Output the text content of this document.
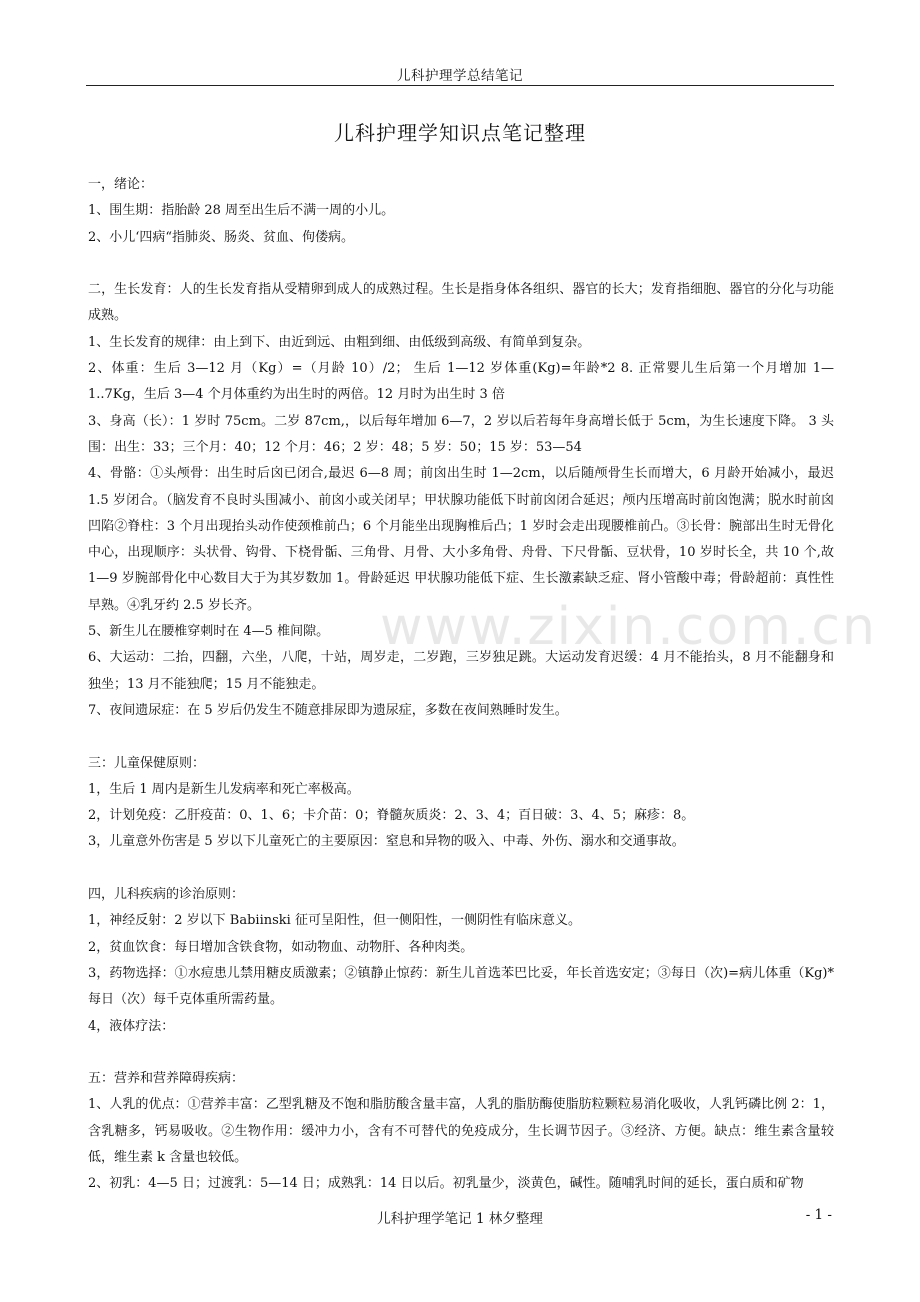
儿科护理学总结笔记
儿科护理学知识点笔记整理
www.zixin.com.cn

一，绪论：

1、围生期：指胎龄 28 周至出生后不满一周的小儿。

2、小儿‘四病“指肺炎、肠炎、贫血、佝偻病。

二，生长发育：人的生长发育指从受精卵到成人的成熟过程。生长是指身体各组织、器官的长大；发育指细胞、器官的分化与功能成熟。

1、生长发育的规律：由上到下、由近到远、由粗到细、由低级到高级、有简单到复杂。

2、体重：生后 3—12 月（Kg）=（月龄 10）/2； 生后 1—12 岁体重(Kg)=年龄*2 8. 正常婴儿生后第一个月增加 1—1..7Kg，生后 3—4 个月体重约为出生时的两倍。12 月时为出生时 3 倍

3、身高（长）：1 岁时 75cm。二岁 87cm,，以后每年增加 6—7，2 岁以后若每年身高增长低于 5cm，为生长速度下降。 3 头围：出生：33；三个月：40；12 个月：46；2 岁：48；5 岁：50；15 岁：53—54

4、骨骼：①头颅骨：出生时后囟已闭合,最迟 6—8 周；前囟出生时 1—2cm，以后随颅骨生长而增大，6 月龄开始减小，最迟 1.5 岁闭合。（脑发育不良时头围减小、前囟小或关闭早；甲状腺功能低下时前囟闭合延迟；颅内压增高时前囟饱满；脱水时前囟凹陷②脊柱：3 个月出现抬头动作使颈椎前凸；6 个月能坐出现胸椎后凸；1 岁时会走出现腰椎前凸。③长骨：腕部出生时无骨化中心，出现顺序：头状骨、钩骨、下桡骨骺、三角骨、月骨、大小多角骨、舟骨、下尺骨骺、豆状骨，10 岁时长全，共 10 个,故 1—9 岁腕部骨化中心数目大于为其岁数加 1。骨龄延迟 甲状腺功能低下症、生长激素缺乏症、肾小管酸中毒；骨龄超前：真性性早熟。④乳牙约 2.5 岁长齐。

5、新生儿在腰椎穿刺时在 4—5 椎间隙。

6、大运动：二抬，四翻，六坐，八爬，十站，周岁走，二岁跑，三岁独足跳。大运动发育迟缓：4 月不能抬头，8 月不能翻身和独坐；13 月不能独爬；15 月不能独走。

7、夜间遗尿症：在 5 岁后仍发生不随意排尿即为遗尿症，多数在夜间熟睡时发生。

三：儿童保健原则：

1，生后 1 周内是新生儿发病率和死亡率极高。

2，计划免疫：乙肝疫苗：0、1、6；卡介苗：0；脊髓灰质炎：2、3、4；百日破：3、4、5；麻疹：8。

3，儿童意外伤害是 5 岁以下儿童死亡的主要原因：窒息和异物的吸入、中毒、外伤、溺水和交通事故。

四，儿科疾病的诊治原则：

1，神经反射：2 岁以下 Babiinski 征可呈阳性，但一侧阳性，一侧阴性有临床意义。

2，贫血饮食：每日增加含铁食物，如动物血、动物肝、各种肉类。

3，药物选择：①水痘患儿禁用糖皮质激素；②镇静止惊药：新生儿首选苯巴比妥，年长首选安定；③每日（次)=病儿体重（Kg)*每日（次）每千克体重所需药量。

4，液体疗法：

五：营养和营养障碍疾病：

1、人乳的优点：①营养丰富：乙型乳糖及不饱和脂肪酸含量丰富，人乳的脂肪酶使脂肪粒颗粒易消化吸收，人乳钙磷比例 2：1，含乳糖多，钙易吸收。②生物作用：缓冲力小，含有不可替代的免疫成分，生长调节因子。③经济、方便。缺点：维生素含量较低，维生素 k 含量也较低。

2、初乳：4—5 日；过渡乳：5—14 日；成熟乳：14 日以后。初乳量少，淡黄色，碱性。随哺乳时间的延长，蛋白质和矿物

儿科护理学笔记 1 林夕整理	- 1 -
